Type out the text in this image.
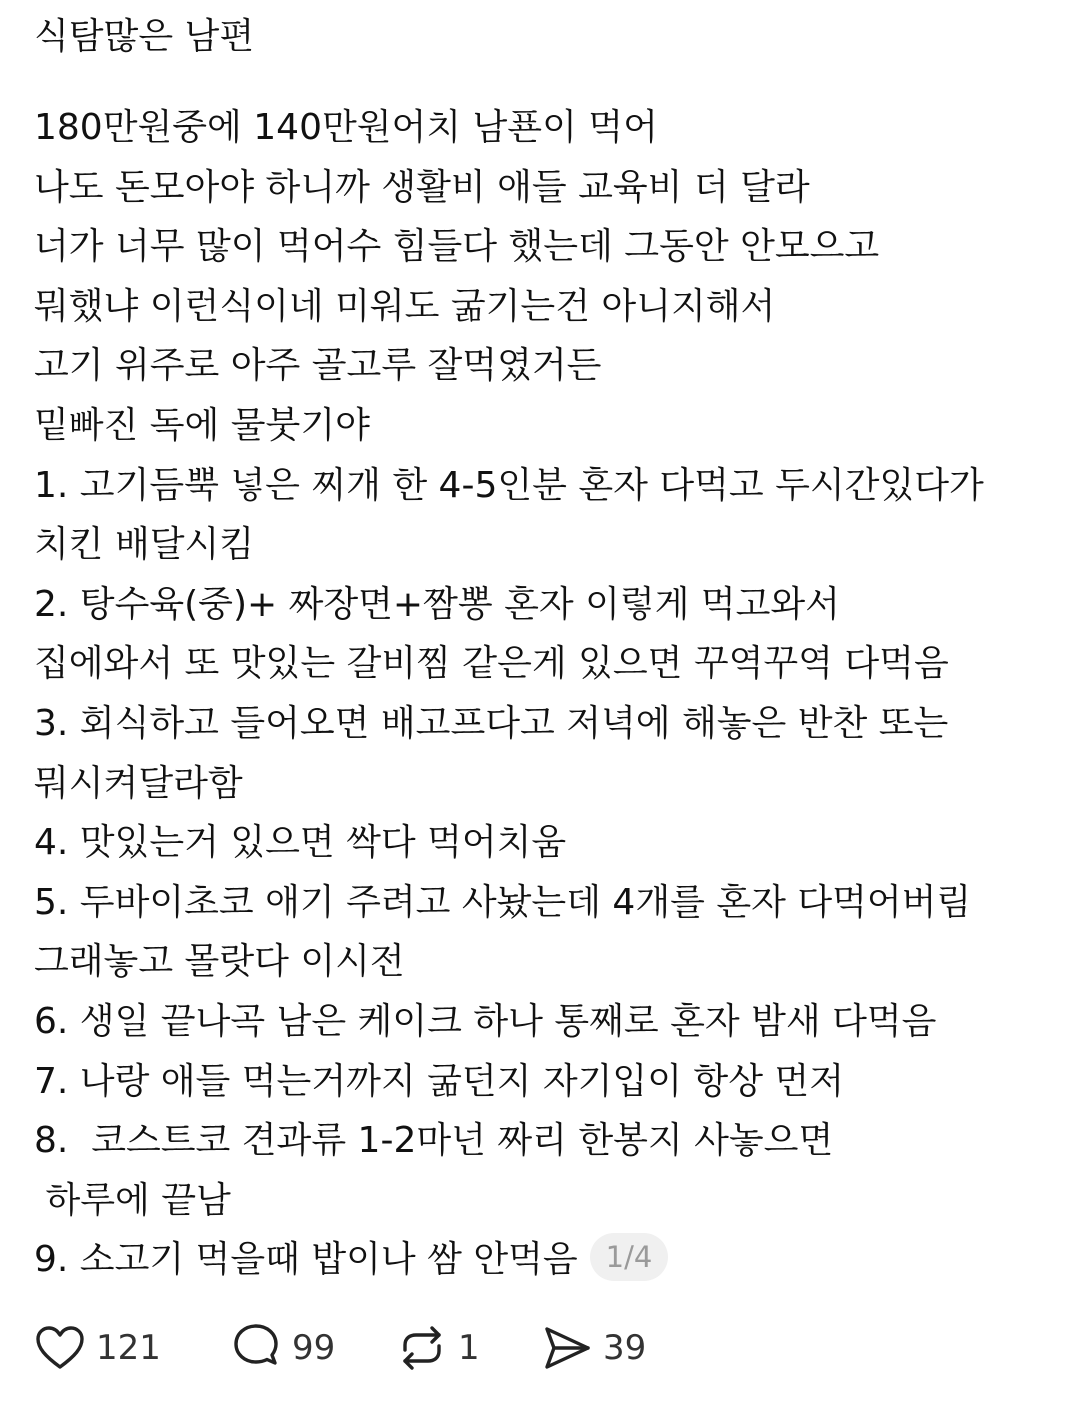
식탐많은 남편
180만원중에 140만원어치 남푠이 먹어
나도 돈모아야 하니까 생활비 애들 교육비 더 달라
너가 너무 많이 먹어수 힘들다 했는데 그동안 안모으고
뭐했냐 이런식이네 미워도 굶기는건 아니지해서
고기 위주로 아주 골고루 잘먹였거든
밑빠진 독에 물붓기야
1. 고기듬뿍 넣은 찌개 한 4-5인분 혼자 다먹고 두시간있다가
치킨 배달시킴
2. 탕수육(중)+ 짜장면+짬뽕 혼자 이렇게 먹고와서
집에와서 또 맛있는 갈비찜 같은게 있으면 꾸역꾸역 다먹음
3. 회식하고 들어오면 배고프다고 저녁에 해놓은 반찬 또는
뭐시켜달라함
4. 맛있는거 있으면 싹다 먹어치움
5. 두바이초코 애기 주려고 사놨는데 4개를 혼자 다먹어버림
그래놓고 몰랏다 이시전
6. 생일 끝나곡 남은 케이크 하나 통째로 혼자 밤새 다먹음
7. 나랑 애들 먹는거까지 굶던지 자기입이 항상 먼저
8.  코스트코 견과류 1-2마넌 짜리 한봉지 사놓으면
하루에 끝남
9. 소고기 먹을때 밥이나 쌈 안먹음 1/4
121	99	1	39
